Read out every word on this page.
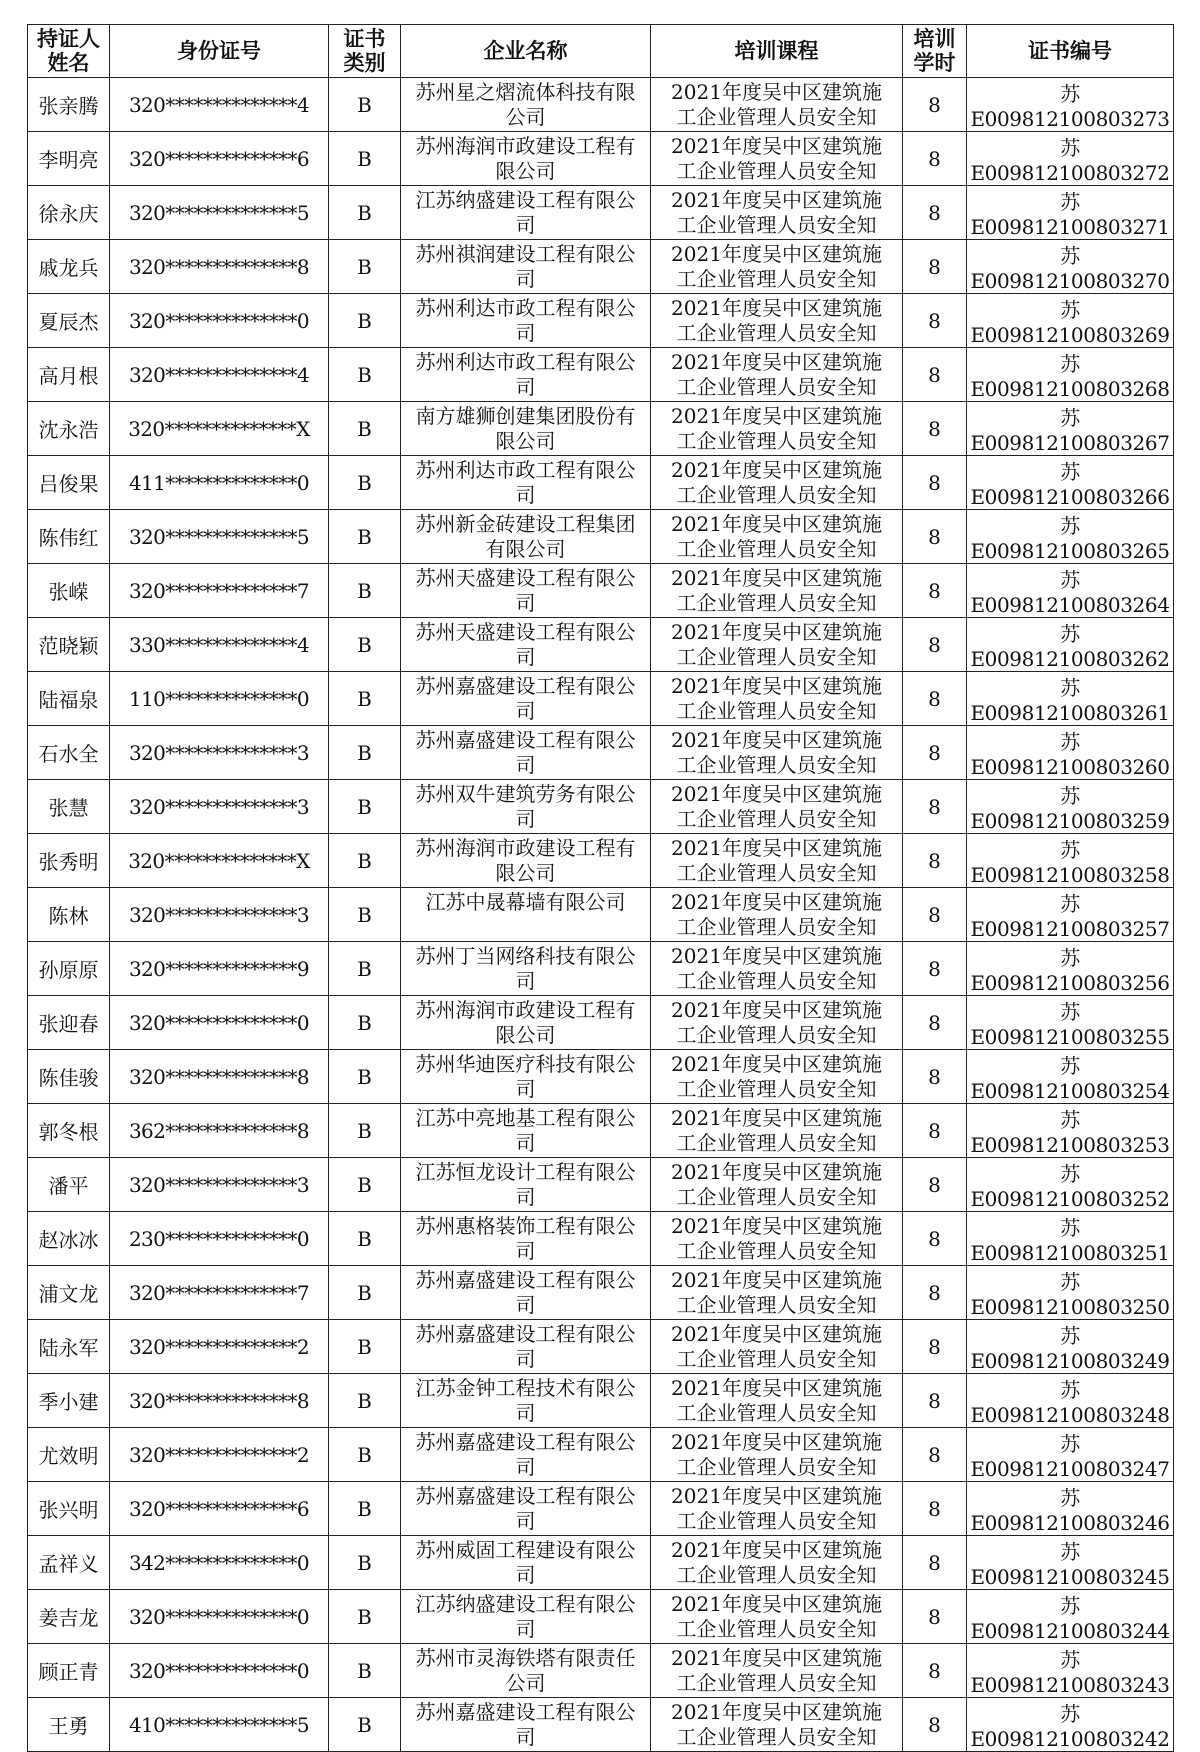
持证人姓名	身份证号	证书类别	企业名称	培训课程	培训学时	证书编号
张亲腾	320**************4	B	苏州星之熠流体科技有限公司	2021年度吴中区建筑施工企业管理人员安全知	8	苏E009812100803273
李明亮	320**************6	B	苏州海润市政建设工程有限公司	2021年度吴中区建筑施工企业管理人员安全知	8	苏E009812100803272
徐永庆	320**************5	B	江苏纳盛建设工程有限公司	2021年度吴中区建筑施工企业管理人员安全知	8	苏E009812100803271
戚龙兵	320**************8	B	苏州祺润建设工程有限公司	2021年度吴中区建筑施工企业管理人员安全知	8	苏E009812100803270
夏辰杰	320**************0	B	苏州利达市政工程有限公司	2021年度吴中区建筑施工企业管理人员安全知	8	苏E009812100803269
高月根	320**************4	B	苏州利达市政工程有限公司	2021年度吴中区建筑施工企业管理人员安全知	8	苏E009812100803268
沈永浩	320**************X	B	南方雄狮创建集团股份有限公司	2021年度吴中区建筑施工企业管理人员安全知	8	苏E009812100803267
吕俊果	411**************0	B	苏州利达市政工程有限公司	2021年度吴中区建筑施工企业管理人员安全知	8	苏E009812100803266
陈伟红	320**************5	B	苏州新金砖建设工程集团有限公司	2021年度吴中区建筑施工企业管理人员安全知	8	苏E009812100803265
张嵘	320**************7	B	苏州天盛建设工程有限公司	2021年度吴中区建筑施工企业管理人员安全知	8	苏E009812100803264
范晓颖	330**************4	B	苏州天盛建设工程有限公司	2021年度吴中区建筑施工企业管理人员安全知	8	苏E009812100803262
陆福泉	110**************0	B	苏州嘉盛建设工程有限公司	2021年度吴中区建筑施工企业管理人员安全知	8	苏E009812100803261
石水全	320**************3	B	苏州嘉盛建设工程有限公司	2021年度吴中区建筑施工企业管理人员安全知	8	苏E009812100803260
张慧	320**************3	B	苏州双牛建筑劳务有限公司	2021年度吴中区建筑施工企业管理人员安全知	8	苏E009812100803259
张秀明	320**************X	B	苏州海润市政建设工程有限公司	2021年度吴中区建筑施工企业管理人员安全知	8	苏E009812100803258
陈林	320**************3	B	江苏中晟幕墙有限公司	2021年度吴中区建筑施工企业管理人员安全知	8	苏E009812100803257
孙原原	320**************9	B	苏州丁当网络科技有限公司	2021年度吴中区建筑施工企业管理人员安全知	8	苏E009812100803256
张迎春	320**************0	B	苏州海润市政建设工程有限公司	2021年度吴中区建筑施工企业管理人员安全知	8	苏E009812100803255
陈佳骏	320**************8	B	苏州华迪医疗科技有限公司	2021年度吴中区建筑施工企业管理人员安全知	8	苏E009812100803254
郭冬根	362**************8	B	江苏中亮地基工程有限公司	2021年度吴中区建筑施工企业管理人员安全知	8	苏E009812100803253
潘平	320**************3	B	江苏恒龙设计工程有限公司	2021年度吴中区建筑施工企业管理人员安全知	8	苏E009812100803252
赵冰冰	230**************0	B	苏州惠格装饰工程有限公司	2021年度吴中区建筑施工企业管理人员安全知	8	苏E009812100803251
浦文龙	320**************7	B	苏州嘉盛建设工程有限公司	2021年度吴中区建筑施工企业管理人员安全知	8	苏E009812100803250
陆永军	320**************2	B	苏州嘉盛建设工程有限公司	2021年度吴中区建筑施工企业管理人员安全知	8	苏E009812100803249
季小建	320**************8	B	江苏金钟工程技术有限公司	2021年度吴中区建筑施工企业管理人员安全知	8	苏E009812100803248
尤效明	320**************2	B	苏州嘉盛建设工程有限公司	2021年度吴中区建筑施工企业管理人员安全知	8	苏E009812100803247
张兴明	320**************6	B	苏州嘉盛建设工程有限公司	2021年度吴中区建筑施工企业管理人员安全知	8	苏E009812100803246
孟祥义	342**************0	B	苏州威固工程建设有限公司	2021年度吴中区建筑施工企业管理人员安全知	8	苏E009812100803245
姜吉龙	320**************0	B	江苏纳盛建设工程有限公司	2021年度吴中区建筑施工企业管理人员安全知	8	苏E009812100803244
顾正青	320**************0	B	苏州市灵海铁塔有限责任公司	2021年度吴中区建筑施工企业管理人员安全知	8	苏E009812100803243
王勇	410**************5	B	苏州嘉盛建设工程有限公司	2021年度吴中区建筑施工企业管理人员安全知	8	苏E009812100803242
